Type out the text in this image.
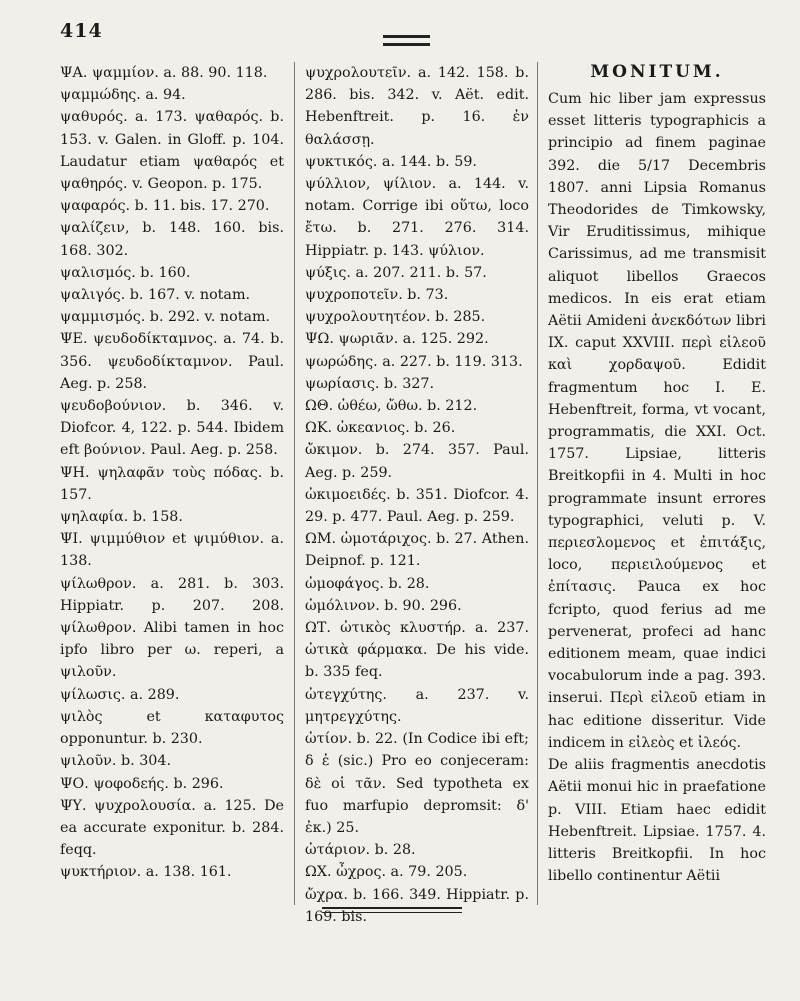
414

ΨΑ. ψαμμίον. a. 88. 90. 118.

ψαμμώδης. a. 94.

ψαθυρός. a. 173. ψαθαρός. b. 153. v. Galen. in Gloff. p. 104. Laudatur etiam ψαθαρός et ψαθηρός. v. Geopon. p. 175.

ψαφαρός. b. 11. bis. 17. 270.

ψαλίζειν, b. 148. 160. bis. 168. 302.

ψαλισμός. b. 160.

ψαλιγός. b. 167. v. notam.

ψαμμισμός. b. 292. v. notam.

ΨΕ. ψευδοδίκταμνος. a. 74. b. 356. ψευδοδίκταμνον. Paul. Aeg. p. 258.

ψευδοβούνιον. b. 346. v. Diofcor. 4, 122. p. 544. Ibidem eft βούνιον. Paul. Aeg. p. 258.

ΨΗ. ψηλαφᾶν τοὺς πόδας. b. 157.

ψηλαφία. b. 158.

ΨΙ. ψιμμύθιον et ψιμύθιον. a. 138.

ψίλωθρον. a. 281. b. 303. Hippiatr. p. 207. 208. ψίλωθρον. Alibi tamen in hoc ipfo libro per ω. reperi, a ψιλοῦν.

ψίλωσις. a. 289.

ψιλὸς et καταφυτος opponuntur. b. 230.

ψιλοῦν. b. 304.

ΨΟ. ψοφοδεής. b. 296.

ΨΥ. ψυχρολουσία. a. 125. De ea accurate exponitur. b. 284. feqq.

ψυκτήριον. a. 138. 161.

ψυχρολουτεῖν. a. 142. 158. b. 286. bis. 342. v. Aët. edit. Hebenftreit. p. 16. ἐν θαλάσσῃ.

ψυκτικός. a. 144. b. 59.

ψύλλιον, ψίλιον. a. 144. v. notam. Corrige ibi οὕτω, loco ἔτω. b. 271. 276. 314. Hippiatr. p. 143. ψύλιον.

ψύξις. a. 207. 211. b. 57.

ψυχροποτεῖν. b. 73.

ψυχρολουτητέον. b. 285.

ΨΩ. ψωριᾶν. a. 125. 292.

ψωρώδης. a. 227. b. 119. 313.

ψωρίασις. b. 327.

ΩΘ. ὠθέω, ὤθω. b. 212.

ΩΚ. ὠκεανιος. b. 26.

ὤκιμον. b. 274. 357. Paul. Aeg. p. 259.

ὠκιμοειδές. b. 351. Diofcor. 4. 29. p. 477. Paul. Aeg. p. 259.

ΩΜ. ὠμοτάριχος. b. 27. Athen. Deipnof. p. 121.

ὠμοφάγος. b. 28.

ὠμόλινον. b. 90. 296.

ΩΤ. ὠτικὸς κλυστήρ. a. 237. ὠτικὰ φάρμακα. De his vide. b. 335 feq.

ὠτεγχύτης. a. 237. v. μητρεγχύτης.

ὠτίον. b. 22. (In Codice ibi eft; δ ἐ (sic.) Pro eo conjeceram: δὲ οἱ τᾶν. Sed typotheta ex fuo marfupio depromsit: δ' ἐκ.) 25.

ὠτάριον. b. 28.

ΩΧ. ὦχρος. a. 79. 205.

ὤχρα. b. 166. 349. Hippiatr. p. 169. bis.

MONITUM.

Cum hic liber jam expressus esset litteris typographicis a principio ad finem paginae 392. die 5/17 Decembris 1807. anni Lipsia Romanus Theodorides de Timkowsky, Vir Eruditissimus, mihique Carissimus, ad me transmisit aliquot libellos Graecos medicos. In eis erat etiam Aëtii Amideni ἀνεκδότων libri IX. caput XXVIII. περὶ εἰλεοῦ καὶ χορδαψοῦ. Edidit fragmentum hoc I. E. Hebenftreit, forma, vt vocant, programmatis, die XXI. Oct. 1757. Lipsiae, litteris Breitkopfii in 4. Multi in hoc programmate insunt errores typographici, veluti p. V. περιεσλομενος et ἐπιτάξις, loco, περιειλούμενος et ἐπίτασις. Pauca ex hoc fcripto, quod ferius ad me pervenerat, profeci ad hanc editionem meam, quae indici vocabulorum inde a pag. 393. inserui. Περὶ εἰλεοῦ etiam in hac editione disseritur. Vide indicem in εἰλεὸς et ἰλεός.

De aliis fragmentis anecdotis Aëtii monui hic in praefatione p. VIII. Etiam haec edidit Hebenftreit. Lipsiae. 1757. 4. litteris Breitkopfii. In hoc libello continentur Aëtii
